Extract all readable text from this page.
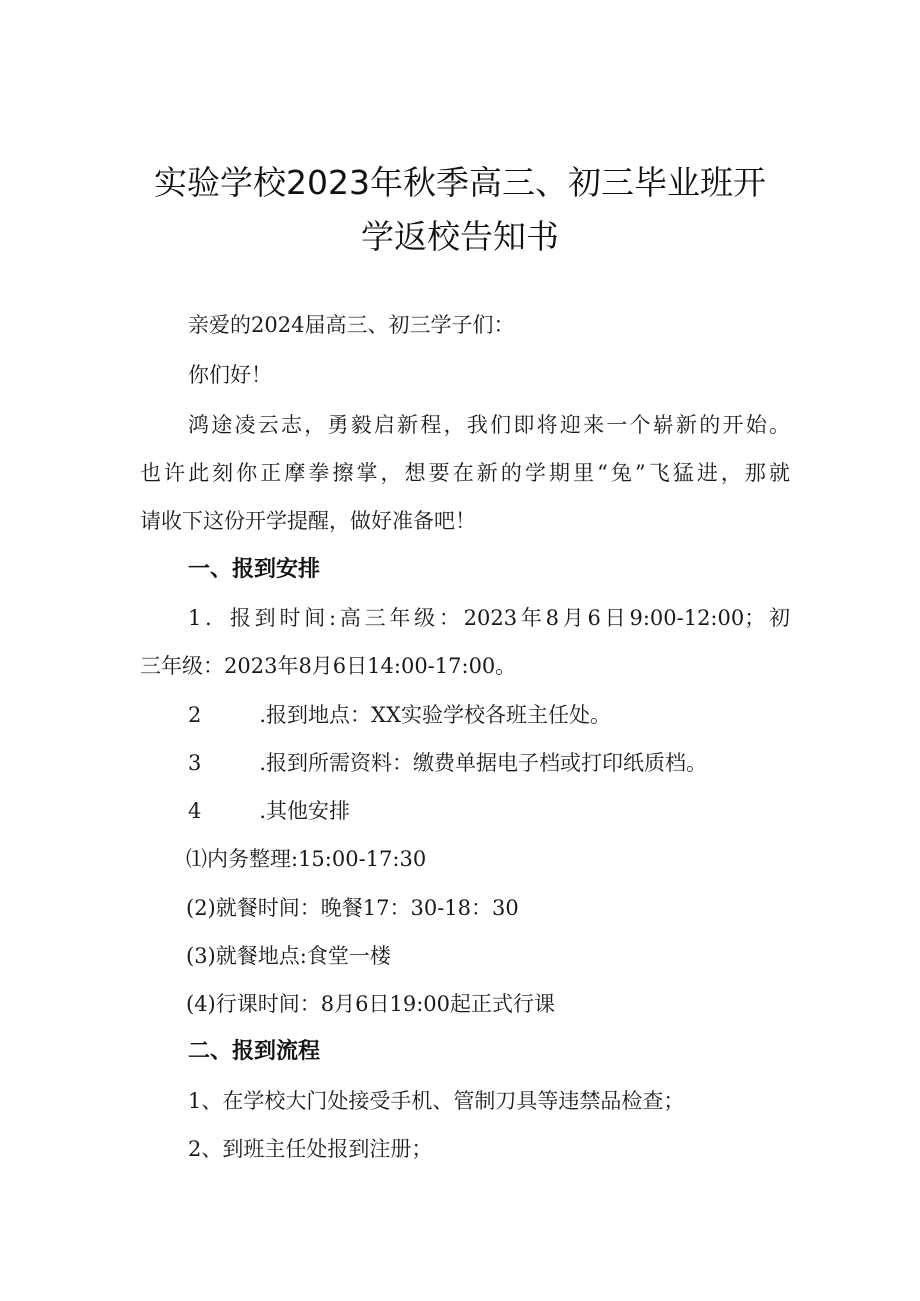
实验学校2023年秋季高三、初三毕业班开
学返校告知书
亲爱的2024届高三、初三学子们：
你们好！
鸿途凌云志，勇毅启新程，我们即将迎来一个崭新的开始。
也许此刻你正摩拳擦掌，想要在新的学期里“兔”飞猛进，那就
请收下这份开学提醒，做好准备吧！
一、报到安排
1．报到时间:高三年级：2023年8月6日9:00-12:00；初
三年级：2023年8月6日14:00-17:00。
2	.报到地点：XX实验学校各班主任处。
3	.报到所需资料：缴费单据电子档或打印纸质档。
4	.其他安排
⑴内务整理:15:00-17:30
(2)就餐时间：晚餐17：30-18：30
(3)就餐地点:食堂一楼
(4)行课时间：8月6日19:00起正式行课
二、报到流程
1、在学校大门处接受手机、管制刀具等违禁品检查；
2、到班主任处报到注册；
